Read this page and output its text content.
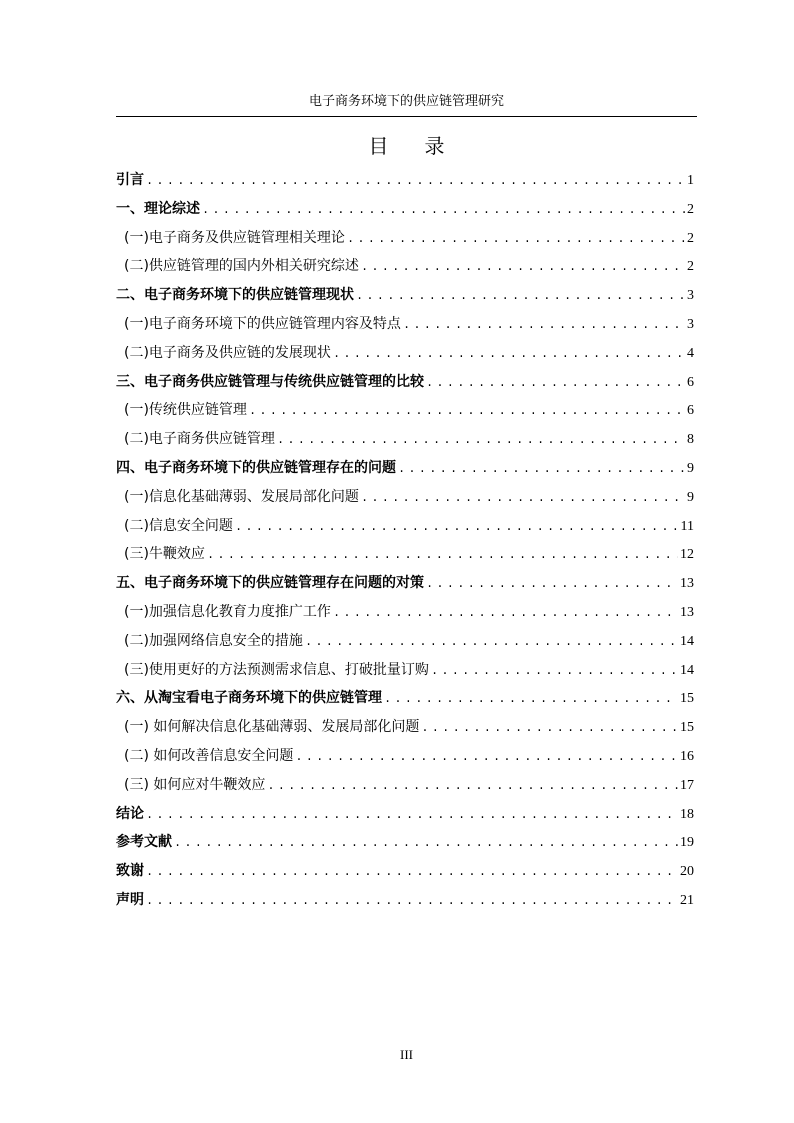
电子商务环境下的供应链管理研究
目录
引言 .....	1
一、理论综述 .....	2
(一)电子商务及供应链管理相关理论 .....	2
(二)供应链管理的国内外相关研究综述 .....	2
二、电子商务环境下的供应链管理现状 .....	3
(一)电子商务环境下的供应链管理内容及特点 .....	3
(二)电子商务及供应链的发展现状 .....	4
三、电子商务供应链管理与传统供应链管理的比较 .....	6
(一)传统供应链管理 .....	6
(二)电子商务供应链管理 .....	8
四、电子商务环境下的供应链管理存在的问题 .....	9
(一)信息化基础薄弱、发展局部化问题 .....	9
(二)信息安全问题 .....	11
(三)牛鞭效应 .....	12
五、电子商务环境下的供应链管理存在问题的对策 .....	13
(一)加强信息化教育力度推广工作 .....	13
(二)加强网络信息安全的措施 .....	14
(三)使用更好的方法预测需求信息、打破批量订购 .....	14
六、从淘宝看电子商务环境下的供应链管理 .....	15
(一) 如何解决信息化基础薄弱、发展局部化问题 .....	15
(二) 如何改善信息安全问题 .....	16
(三) 如何应对牛鞭效应 .....	17
结论 .....	18
参考文献 .....	19
致谢 .....	20
声明 .....	21
III
